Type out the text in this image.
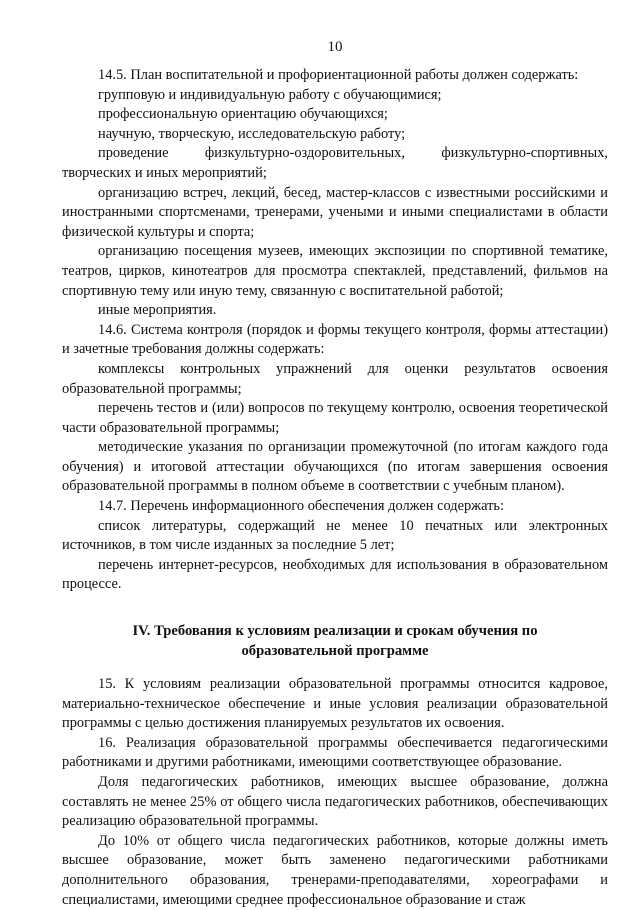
10

14.5. План воспитательной и профориентационной работы должен содержать:

групповую и индивидуальную работу с обучающимися;

профессиональную ориентацию обучающихся;

научную, творческую, исследовательскую работу;

проведение физкультурно-оздоровительных, физкультурно-спортивных, творческих и иных мероприятий;

организацию встреч, лекций, бесед, мастер-классов с известными российскими и иностранными спортсменами, тренерами, учеными и иными специалистами в области физической культуры и спорта;

организацию посещения музеев, имеющих экспозиции по спортивной тематике, театров, цирков, кинотеатров для просмотра спектаклей, представлений, фильмов на спортивную тему или иную тему, связанную с воспитательной работой;

иные мероприятия.

14.6. Система контроля (порядок и формы текущего контроля, формы аттестации) и зачетные требования должны содержать:

комплексы контрольных упражнений для оценки результатов освоения образовательной программы;

перечень тестов и (или) вопросов по текущему контролю, освоения теоретической части образовательной программы;

методические указания по организации промежуточной (по итогам каждого года обучения) и итоговой аттестации обучающихся (по итогам завершения освоения образовательной программы в полном объеме в соответствии с учебным планом).

14.7. Перечень информационного обеспечения должен содержать:

список литературы, содержащий не менее 10 печатных или электронных источников, в том числе изданных за последние 5 лет;

перечень интернет-ресурсов, необходимых для использования в образовательном процессе.

IV. Требования к условиям реализации и срокам обучения по образовательной программе

15. К условиям реализации образовательной программы относится кадровое, материально-техническое обеспечение и иные условия реализации образовательной программы с целью достижения планируемых результатов их освоения.

16. Реализация образовательной программы обеспечивается педагогическими работниками и другими работниками, имеющими соответствующее образование.

Доля педагогических работников, имеющих высшее образование, должна составлять не менее 25% от общего числа педагогических работников, обеспечивающих реализацию образовательной программы.

До 10% от общего числа педагогических работников, которые должны иметь высшее образование, может быть заменено педагогическими работниками дополнительного образования, тренерами-преподавателями, хореографами и специалистами, имеющими среднее профессиональное образование и стаж
